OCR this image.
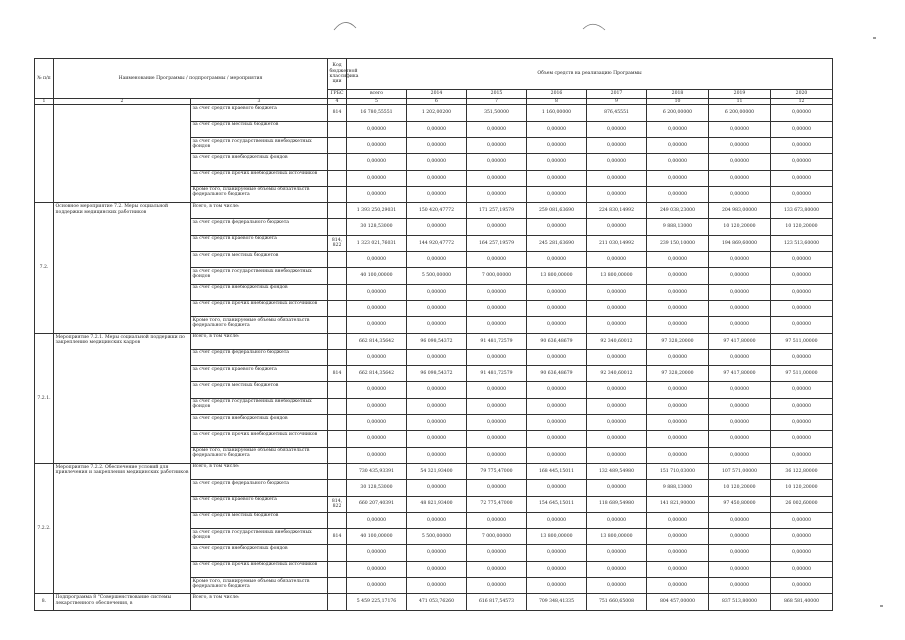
№ п/п	Наименование Программы / подпрограммы / мероприятия		Код бюджетной классифика ции	Объем средств на реализацию Программы							
			ГРБС	всего	2014	2015	2016	2017	2018	2019	2020
1	2	3	4	5	6	7	8	9	10	11	12
		за счет средств краевого бюджета	814	16 780,55551	1 202,00200	351,50000	1 160,00000	876,45551	6 200,00000	6 200,00000	0,00000
		за счет средств местных бюджетов		0,00000	0,00000	0,00000	0,00000	0,00000	0,00000	0,00000	0,00000
		за счет средств государственных внебюджетных фондов		0,00000	0,00000	0,00000	0,00000	0,00000	0,00000	0,00000	0,00000
		за счет средств внебюджетных фондов		0,00000	0,00000	0,00000	0,00000	0,00000	0,00000	0,00000	0,00000
		за счет средств прочих внебюджетных источников		0,00000	0,00000	0,00000	0,00000	0,00000	0,00000	0,00000	0,00000
		Кроме того, планируемые объемы обязательств федерального бюджета		0,00000	0,00000	0,00000	0,00000	0,00000	0,00000	0,00000	0,00000
7.2.	Основное мероприятие 7.2. Меры социальной поддержки медицинских работников	Всего, в том числе:		1 393 250,29031	150 420,47772	171 257,19579	259 081,63690	224 830,14992	249 038,23000	204 983,00000	133 673,80000
		за счет средств федерального бюджета		30 128,53000	0,00000	0,00000	0,00000	0,00000	9 888,13000	10 120,20000	10 120,20000
		за счет средств краевого бюджета	814, 822	1 323 021,76031	144 920,47772	164 257,19579	245 281,63690	211 030,14992	239 150,10000	194 869,60000	123 513,60000
		за счет средств местных бюджетов		0,00000	0,00000	0,00000	0,00000	0,00000	0,00000	0,00000	0,00000
		за счет средств государственных внебюджетных фондов		40 100,00000	5 500,00000	7 000,00000	13 800,00000	13 800,00000	0,00000	0,00000	0,00000
		за счет средств внебюджетных фондов		0,00000	0,00000	0,00000	0,00000	0,00000	0,00000	0,00000	0,00000
		за счет средств прочих внебюджетных источников		0,00000	0,00000	0,00000	0,00000	0,00000	0,00000	0,00000	0,00000
		Кроме того, планируемые объемы обязательств федерального бюджета		0,00000	0,00000	0,00000	0,00000	0,00000	0,00000	0,00000	0,00000
7.2.1.	Мероприятие 7.2.1. Меры социальной поддержки по закреплению медицинских кадров	Всего, в том числе:		662 814,35642	96 098,54372	91 481,72579	90 636,48679	92 340,60012	97 328,20000	97 417,80000	97 511,00000
		за счет средств федерального бюджета		0,00000	0,00000	0,00000	0,00000	0,00000	0,00000	0,00000	0,00000
		за счет средств краевого бюджета	814	662 814,35642	96 098,54372	91 481,72579	90 636,48679	92 340,60012	97 328,20000	97 417,80000	97 511,00000
		за счет средств местных бюджетов		0,00000	0,00000	0,00000	0,00000	0,00000	0,00000	0,00000	0,00000
		за счет средств государственных внебюджетных фондов		0,00000	0,00000	0,00000	0,00000	0,00000	0,00000	0,00000	0,00000
		за счет средств внебюджетных фондов		0,00000	0,00000	0,00000	0,00000	0,00000	0,00000	0,00000	0,00000
		за счет средств прочих внебюджетных источников		0,00000	0,00000	0,00000	0,00000	0,00000	0,00000	0,00000	0,00000
		Кроме того, планируемые объемы обязательств федерального бюджета		0,00000	0,00000	0,00000	0,00000	0,00000	0,00000	0,00000	0,00000
7.2.2.	Мероприятие 7.2.2. Обеспечение условий для привлечения и закрепления медицинских работников	Всего, в том числе:		730 435,93391	54 321,93400	79 775,47000	168 445,15011	132 489,54980	151 710,03000	107 571,00000	36 122,80000
		за счет средств федерального бюджета		30 128,53000	0,00000	0,00000	0,00000	0,00000	9 888,13000	10 120,20000	10 120,20000
		за счет средств краевого бюджета	814, 822	660 207,40391	48 821,93400	72 775,47000	154 645,15011	118 689,54980	141 821,90000	97 450,80000	26 002,60000
		за счет средств местных бюджетов		0,00000	0,00000	0,00000	0,00000	0,00000	0,00000	0,00000	0,00000
		за счет средств государственных внебюджетных фондов	814	40 100,00000	5 500,00000	7 000,00000	13 800,00000	13 800,00000	0,00000	0,00000	0,00000
		за счет средств внебюджетных фондов		0,00000	0,00000	0,00000	0,00000	0,00000	0,00000	0,00000	0,00000
		за счет средств прочих внебюджетных источников		0,00000	0,00000	0,00000	0,00000	0,00000	0,00000	0,00000	0,00000
		Кроме того, планируемые объемы обязательств федерального бюджета		0,00000	0,00000	0,00000	0,00000	0,00000	0,00000	0,00000	0,00000
8.	Подпрограмма 8 "Совершенствование системы лекарственного обеспечения, в	Всего, в том числе:		5 459 225,17176	471 053,76260	616 817,54573	709 348,41335	751 660,65008	804 457,00000	837 513,80000	868 581,40000
